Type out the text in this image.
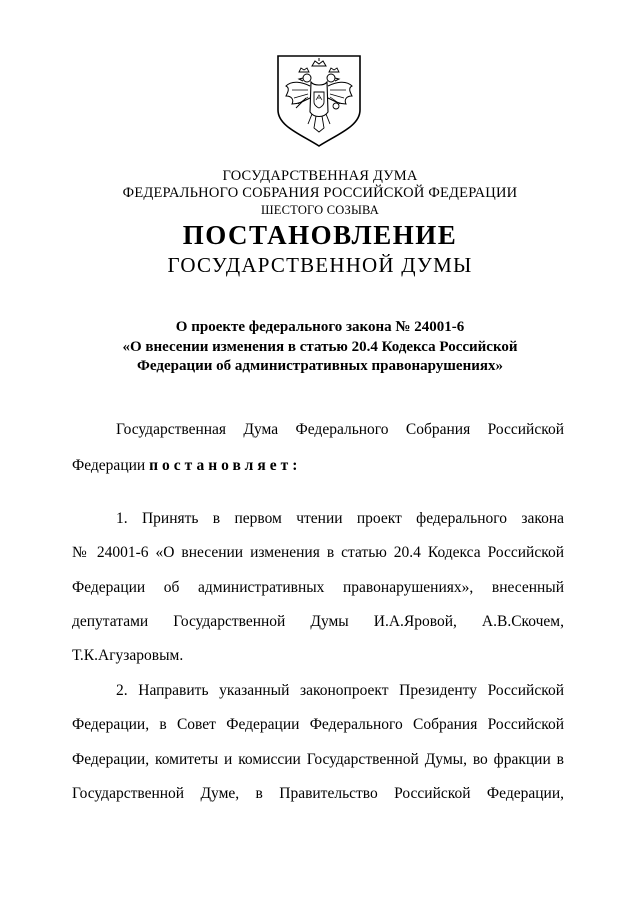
ГОСУДАРСТВЕННАЯ ДУМА
ФЕДЕРАЛЬНОГО СОБРАНИЯ РОССИЙСКОЙ ФЕДЕРАЦИИ
ШЕСТОГО СОЗЫВА
ПОСТАНОВЛЕНИЕ
ГОСУДАРСТВЕННОЙ ДУМЫ
О проекте федерального закона № 24001-6
«О внесении изменения в статью 20.4 Кодекса Российской
Федерации об административных правонарушениях»
Государственная Дума Федерального Собрания Российской
Федерации постановляет:
1. Принять в первом чтении проект федерального закона
№ 24001-6 «О внесении изменения в статью 20.4 Кодекса Российской
Федерации об административных правонарушениях», внесенный
депутатами Государственной Думы И.А.Яровой, А.В.Скочем,
Т.К.Агузаровым.
2. Направить указанный законопроект Президенту Российской
Федерации, в Совет Федерации Федерального Собрания Российской
Федерации, комитеты и комиссии Государственной Думы, во фракции в
Государственной Думе, в Правительство Российской Федерации,
